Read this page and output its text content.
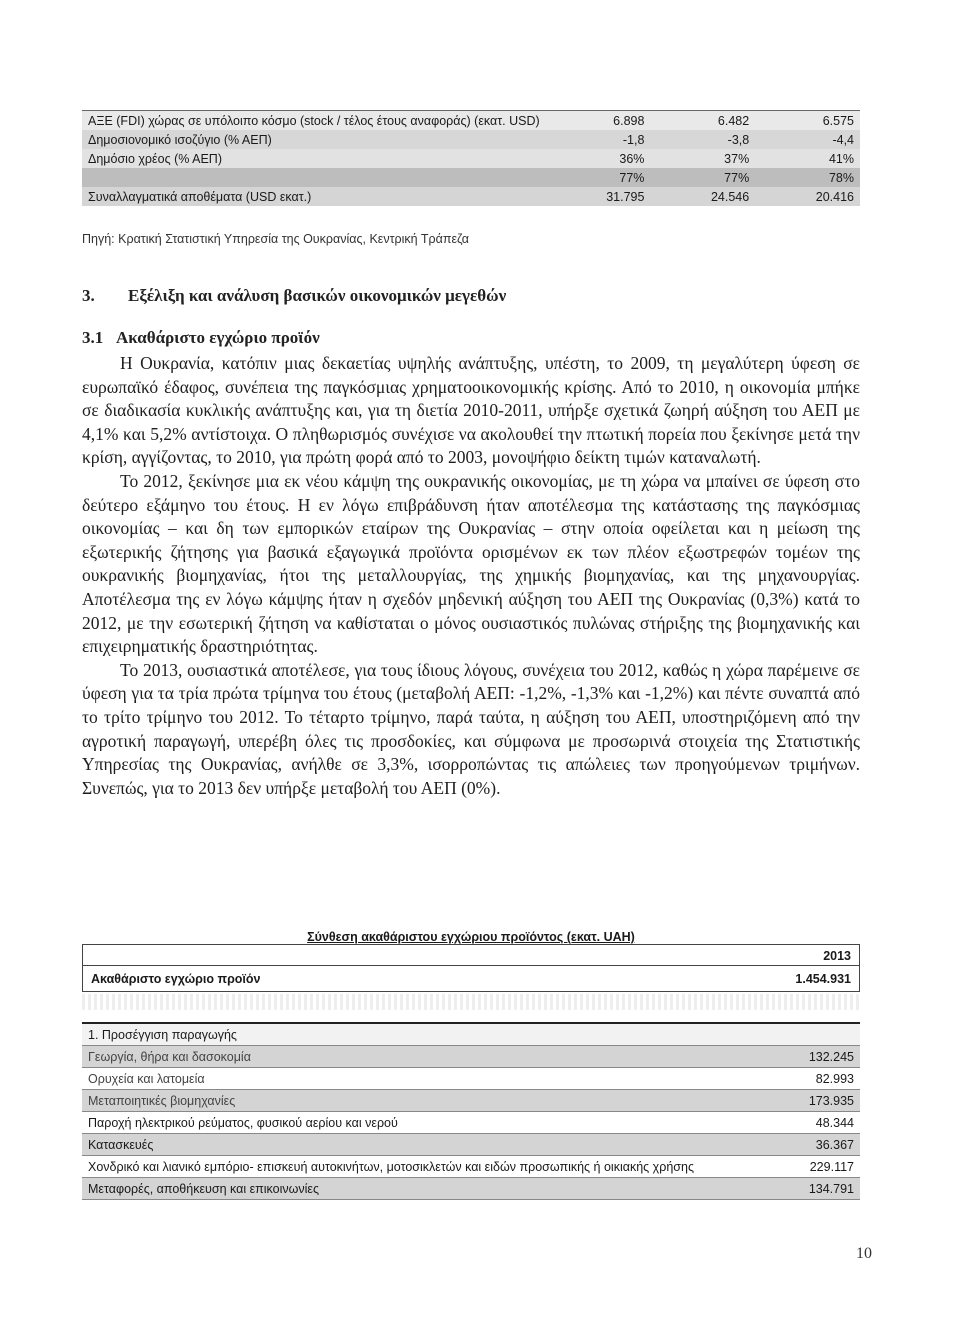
ΑΞΕ (FDI) χώρας σε υπόλοιπο κόσμο (stock / τέλος έτους αναφοράς) (εκατ. USD)	6.898	6.482	6.575
Δημοσιονομικό ισοζύγιο (% ΑΕΠ)	-1,8	-3,8	-4,4
Δημόσιο χρέος (% ΑΕΠ)	36%	37%	41%
	77%	77%	78%
Συναλλαγματικά αποθέματα (USD εκατ.)	31.795	24.546	20.416
Πηγή: Κρατική Στατιστική Υπηρεσία της Ουκρανίας, Κεντρική Τράπεζα
3. Εξέλιξη και ανάλυση βασικών οικονομικών μεγεθών
3.1 Ακαθάριστο εγχώριο προϊόν

Η Ουκρανία, κατόπιν μιας δεκαετίας υψηλής ανάπτυξης, υπέστη, το 2009, τη μεγαλύτερη ύφεση σε ευρωπαϊκό έδαφος, συνέπεια της παγκόσμιας χρηματοοικονομικής κρίσης. Από το 2010, η οικονομία μπήκε σε διαδικασία κυκλικής ανάπτυξης και, για τη διετία 2010-2011, υπήρξε σχετικά ζωηρή αύξηση του ΑΕΠ με 4,1% και 5,2% αντίστοιχα. Ο πληθωρισμός συνέχισε να ακολουθεί την πτωτική πορεία που ξεκίνησε μετά την κρίση, αγγίζοντας, το 2010, για πρώτη φορά από το 2003, μονοψήφιο δείκτη τιμών καταναλωτή.

Το 2012, ξεκίνησε μια εκ νέου κάμψη της ουκρανικής οικονομίας, με τη χώρα να μπαίνει σε ύφεση στο δεύτερο εξάμηνο του έτους. Η εν λόγω επιβράδυνση ήταν αποτέλεσμα της κατάστασης της παγκόσμιας οικονομίας – και δη των εμπορικών εταίρων της Ουκρανίας – στην οποία οφείλεται και η μείωση της εξωτερικής ζήτησης για βασικά εξαγωγικά προϊόντα ορισμένων εκ των πλέον εξωστρεφών τομέων της ουκρανικής βιομηχανίας, ήτοι της μεταλλουργίας, της χημικής βιομηχανίας, και της μηχανουργίας. Αποτέλεσμα της εν λόγω κάμψης ήταν η σχεδόν μηδενική αύξηση του ΑΕΠ της Ουκρανίας (0,3%) κατά το 2012, με την εσωτερική ζήτηση να καθίσταται ο μόνος ουσιαστικός πυλώνας στήριξης της βιομηχανικής και επιχειρηματικής δραστηριότητας.

Το 2013, ουσιαστικά αποτέλεσε, για τους ίδιους λόγους, συνέχεια του 2012, καθώς η χώρα παρέμεινε σε ύφεση για τα τρία πρώτα τρίμηνα του έτους (μεταβολή ΑΕΠ: -1,2%, -1,3% και -1,2%) και πέντε συναπτά από το τρίτο τρίμηνο του 2012. Το τέταρτο τρίμηνο, παρά ταύτα, η αύξηση του ΑΕΠ, υποστηριζόμενη από την αγροτική παραγωγή, υπερέβη όλες τις προσδοκίες, και σύμφωνα με προσωρινά στοιχεία της Στατιστικής Υπηρεσίας της Ουκρανίας, ανήλθε σε 3,3%, ισορροπώντας τις απώλειες των προηγούμενων τριμήνων. Συνεπώς, για το 2013 δεν υπήρξε μεταβολή του ΑΕΠ (0%).

Σύνθεση ακαθάριστου εγχώριου προϊόντος (εκατ. UAH)
2013
Ακαθάριστο εγχώριο προϊόν	1.454.931
1. Προσέγγιση παραγωγής
Γεωργία, θήρα και δασοκομία	132.245
Ορυχεία και λατομεία	82.993
Μεταποιητικές βιομηχανίες	173.935
Παροχή ηλεκτρικού ρεύματος, φυσικού αερίου και νερού	48.344
Κατασκευές	36.367
Χονδρικό και λιανικό εμπόριο- επισκευή αυτοκινήτων, μοτοσικλετών και ειδών προσωπικής ή οικιακής χρήσης	229.117
Μεταφορές, αποθήκευση και επικοινωνίες	134.791
10
